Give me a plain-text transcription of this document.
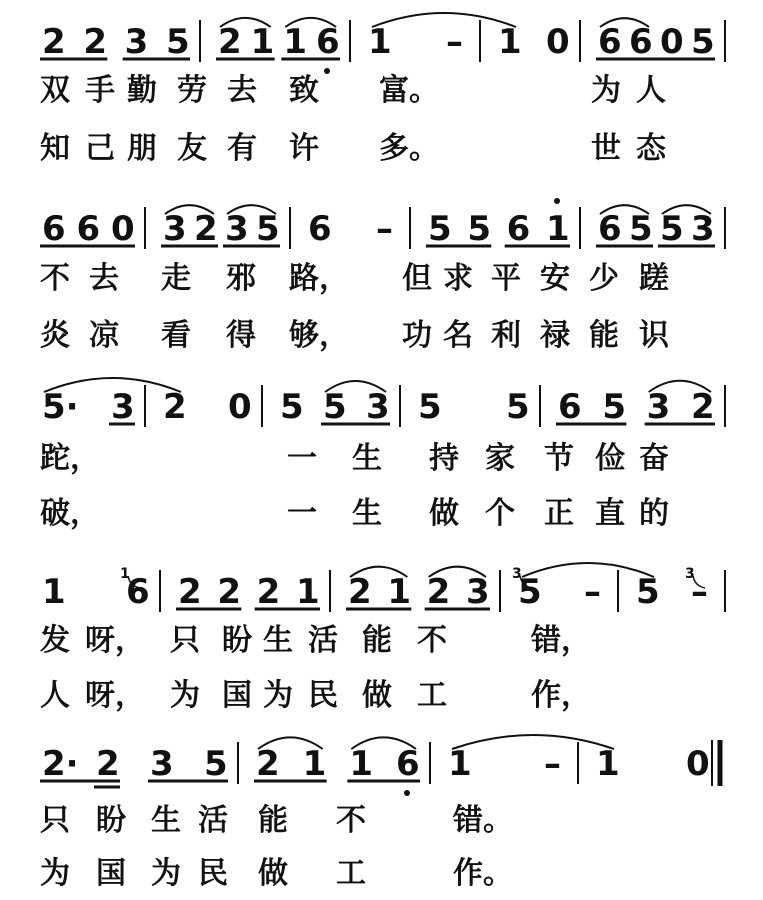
2 2 3 5 2 1 1 6 1 – 1 0 6 6 0 5
双 手 勤 劳 去 致 富。	为 人
知 己 朋 友 有 许 多。	世 态
6 6 0 3 2 3 5 6 – 5 5 6 1 6 5 5 3
不 去 走 邪 路， 但 求 平 安 少 蹉
炎 凉 看 得 够， 功 名 利 禄 能 识
5· 3 2 0 5 5 3 5 5 6 5 3 2
跎，	一 生 持 家 节 俭 奋
破，	一 生 做 个 正 直 的
1 6
1 2 2 2 1 2 1 2 3 5
3 – 5 –
3
发 呀， 只 盼 生 活 能 不	错，
人 呀， 为 国 为 民 做 工	作，
2· 2 3 5 2 1 1 6 1 – 1 0
只 盼 生 活 能 不	错。
为 国 为 民 做 工	作。
